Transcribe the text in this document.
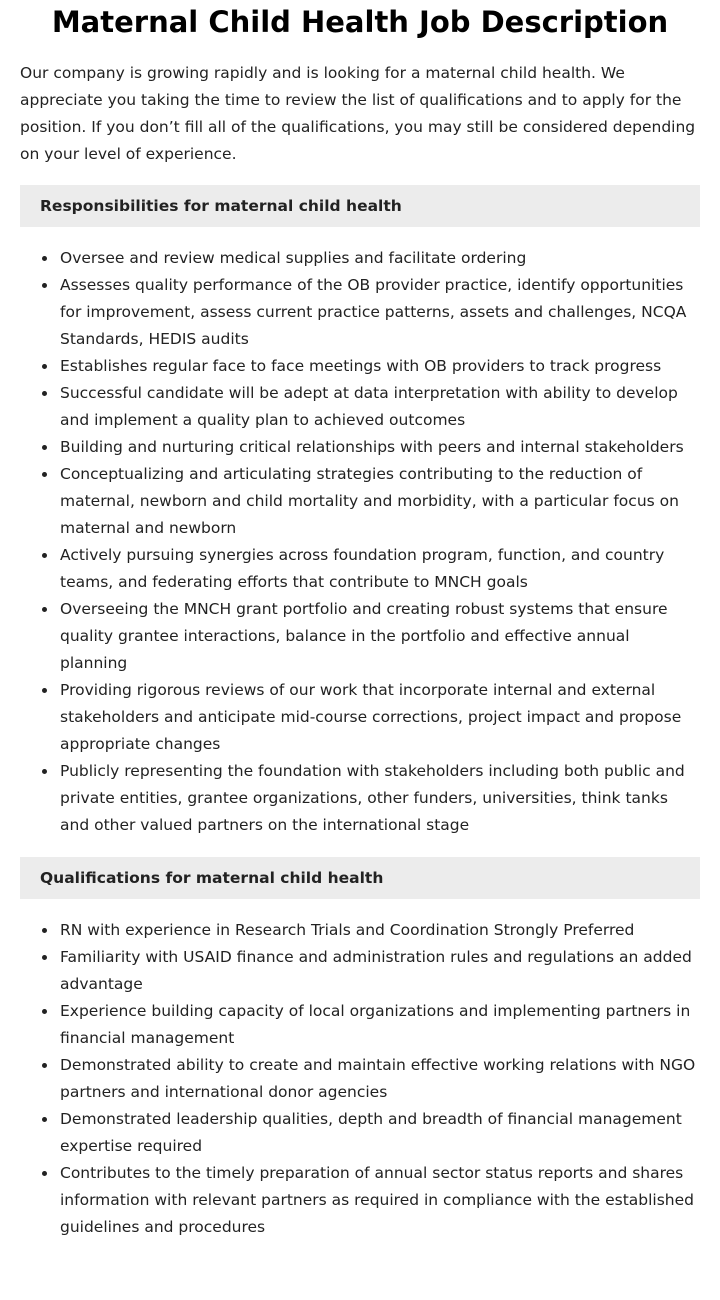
Maternal Child Health Job Description

Our company is growing rapidly and is looking for a maternal child health. We appreciate you taking the time to review the list of qualifications and to apply for the position. If you don’t fill all of the qualifications, you may still be considered depending on your level of experience.

Responsibilities for maternal child health
Oversee and review medical supplies and facilitate ordering
Assesses quality performance of the OB provider practice, identify opportunities for improvement, assess current practice patterns, assets and challenges, NCQA Standards, HEDIS audits
Establishes regular face to face meetings with OB providers to track progress
Successful candidate will be adept at data interpretation with ability to develop and implement a quality plan to achieved outcomes
Building and nurturing critical relationships with peers and internal stakeholders
Conceptualizing and articulating strategies contributing to the reduction of maternal, newborn and child mortality and morbidity, with a particular focus on maternal and newborn
Actively pursuing synergies across foundation program, function, and country teams, and federating efforts that contribute to MNCH goals
Overseeing the MNCH grant portfolio and creating robust systems that ensure quality grantee interactions, balance in the portfolio and effective annual planning
Providing rigorous reviews of our work that incorporate internal and external stakeholders and anticipate mid-course corrections, project impact and propose appropriate changes
Publicly representing the foundation with stakeholders including both public and private entities, grantee organizations, other funders, universities, think tanks and other valued partners on the international stage
Qualifications for maternal child health
RN with experience in Research Trials and Coordination Strongly Preferred
Familiarity with USAID finance and administration rules and regulations an added advantage
Experience building capacity of local organizations and implementing partners in financial management
Demonstrated ability to create and maintain effective working relations with NGO partners and international donor agencies
Demonstrated leadership qualities, depth and breadth of financial management expertise required
Contributes to the timely preparation of annual sector status reports and shares information with relevant partners as required in compliance with the established guidelines and procedures
